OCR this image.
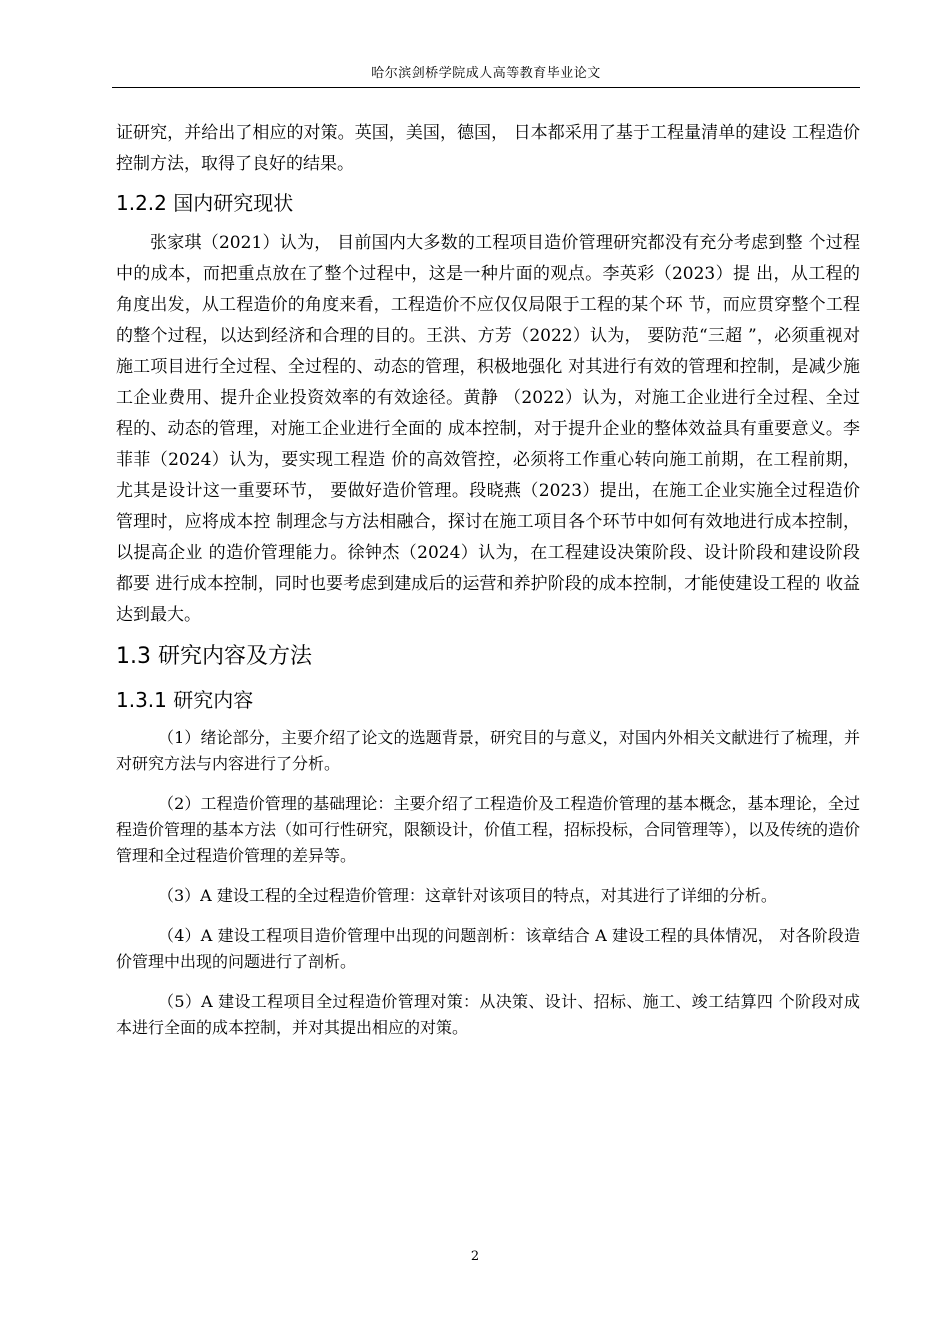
哈尔滨剑桥学院成人高等教育毕业论文

证研究，并给出了相应的对策。英国，美国，德国， 日本都采用了基于工程量清单的建设 工程造价控制方法，取得了良好的结果。

1.2.2 国内研究现状

张家琪（2021）认为， 目前国内大多数的工程项目造价管理研究都没有充分考虑到整 个过程中的成本，而把重点放在了整个过程中，这是一种片面的观点。李英彩（2023）提 出，从工程的角度出发，从工程造价的角度来看，工程造价不应仅仅局限于工程的某个环 节，而应贯穿整个工程的整个过程，以达到经济和合理的目的。王洪、方芳（2022）认为， 要防范“三超 ”，必须重视对施工项目进行全过程、全过程的、动态的管理，积极地强化 对其进行有效的管理和控制，是减少施工企业费用、提升企业投资效率的有效途径。黄静 （2022）认为，对施工企业进行全过程、全过程的、动态的管理，对施工企业进行全面的 成本控制，对于提升企业的整体效益具有重要意义。李菲菲（2024）认为，要实现工程造 价的高效管控，必须将工作重心转向施工前期，在工程前期，尤其是设计这一重要环节， 要做好造价管理。段晓燕（2023）提出，在施工企业实施全过程造价管理时，应将成本控 制理念与方法相融合，探讨在施工项目各个环节中如何有效地进行成本控制，以提高企业 的造价管理能力。徐钟杰（2024）认为，在工程建设决策阶段、设计阶段和建设阶段都要 进行成本控制，同时也要考虑到建成后的运营和养护阶段的成本控制，才能使建设工程的 收益达到最大。

1.3 研究内容及方法
1.3.1 研究内容

（1）绪论部分，主要介绍了论文的选题背景，研究目的与意义，对国内外相关文献进行了梳理，并对研究方法与内容进行了分析。

（2）工程造价管理的基础理论：主要介绍了工程造价及工程造价管理的基本概念，基本理论，全过程造价管理的基本方法（如可行性研究，限额设计，价值工程，招标投标，合同管理等），以及传统的造价管理和全过程造价管理的差异等。

（3）A 建设工程的全过程造价管理：这章针对该项目的特点，对其进行了详细的分析。

（4）A 建设工程项目造价管理中出现的问题剖析：该章结合 A 建设工程的具体情况， 对各阶段造价管理中出现的问题进行了剖析。

（5）A 建设工程项目全过程造价管理对策：从决策、设计、招标、施工、竣工结算四 个阶段对成本进行全面的成本控制，并对其提出相应的对策。

2
